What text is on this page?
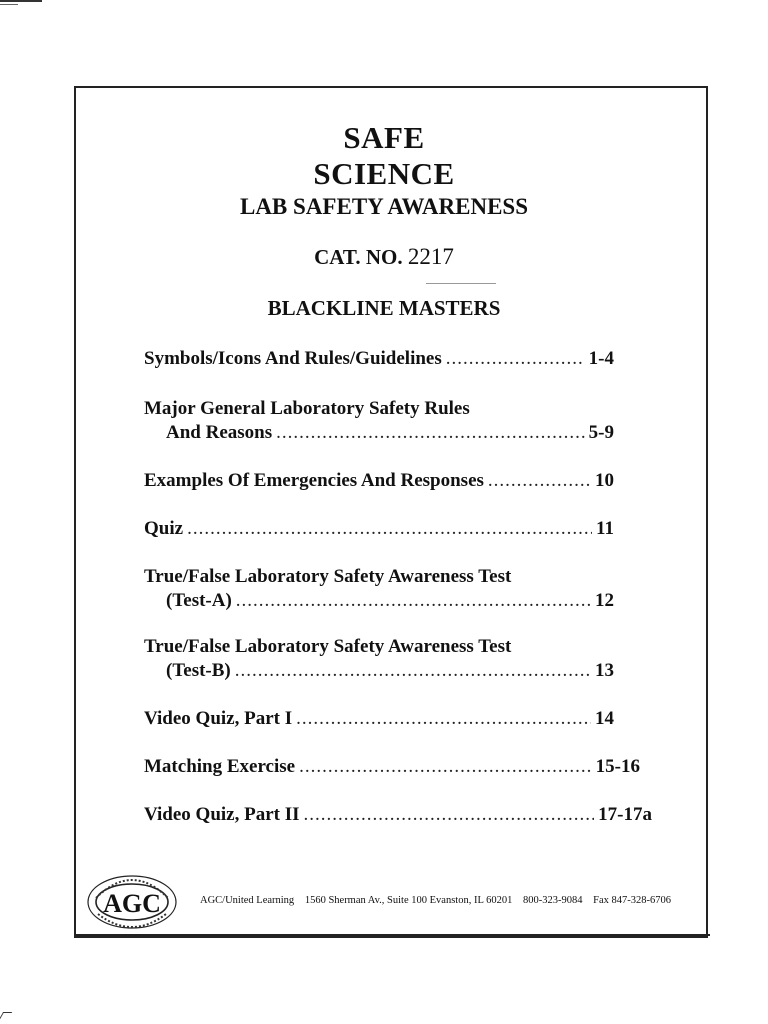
SAFE
SCIENCE
LAB SAFETY AWARENESS
CAT. NO. 2217
BLACKLINE MASTERS
Symbols/Icons And Rules/Guidelines .....	1-4
Major General Laboratory Safety Rules
And Reasons .....	5-9
Examples Of Emergencies And Responses .....	10
Quiz .....	11
True/False Laboratory Safety Awareness Test
(Test-A) .....	12
True/False Laboratory Safety Awareness Test
(Test-B) .....	13
Video Quiz, Part I .....	14
Matching Exercise .....	15-16
Video Quiz, Part II .....	17-17a
AGC	AGC/United Learning 1560 Sherman Av., Suite 100 Evanston, IL 60201 800-323-9084 Fax 847-328-6706
